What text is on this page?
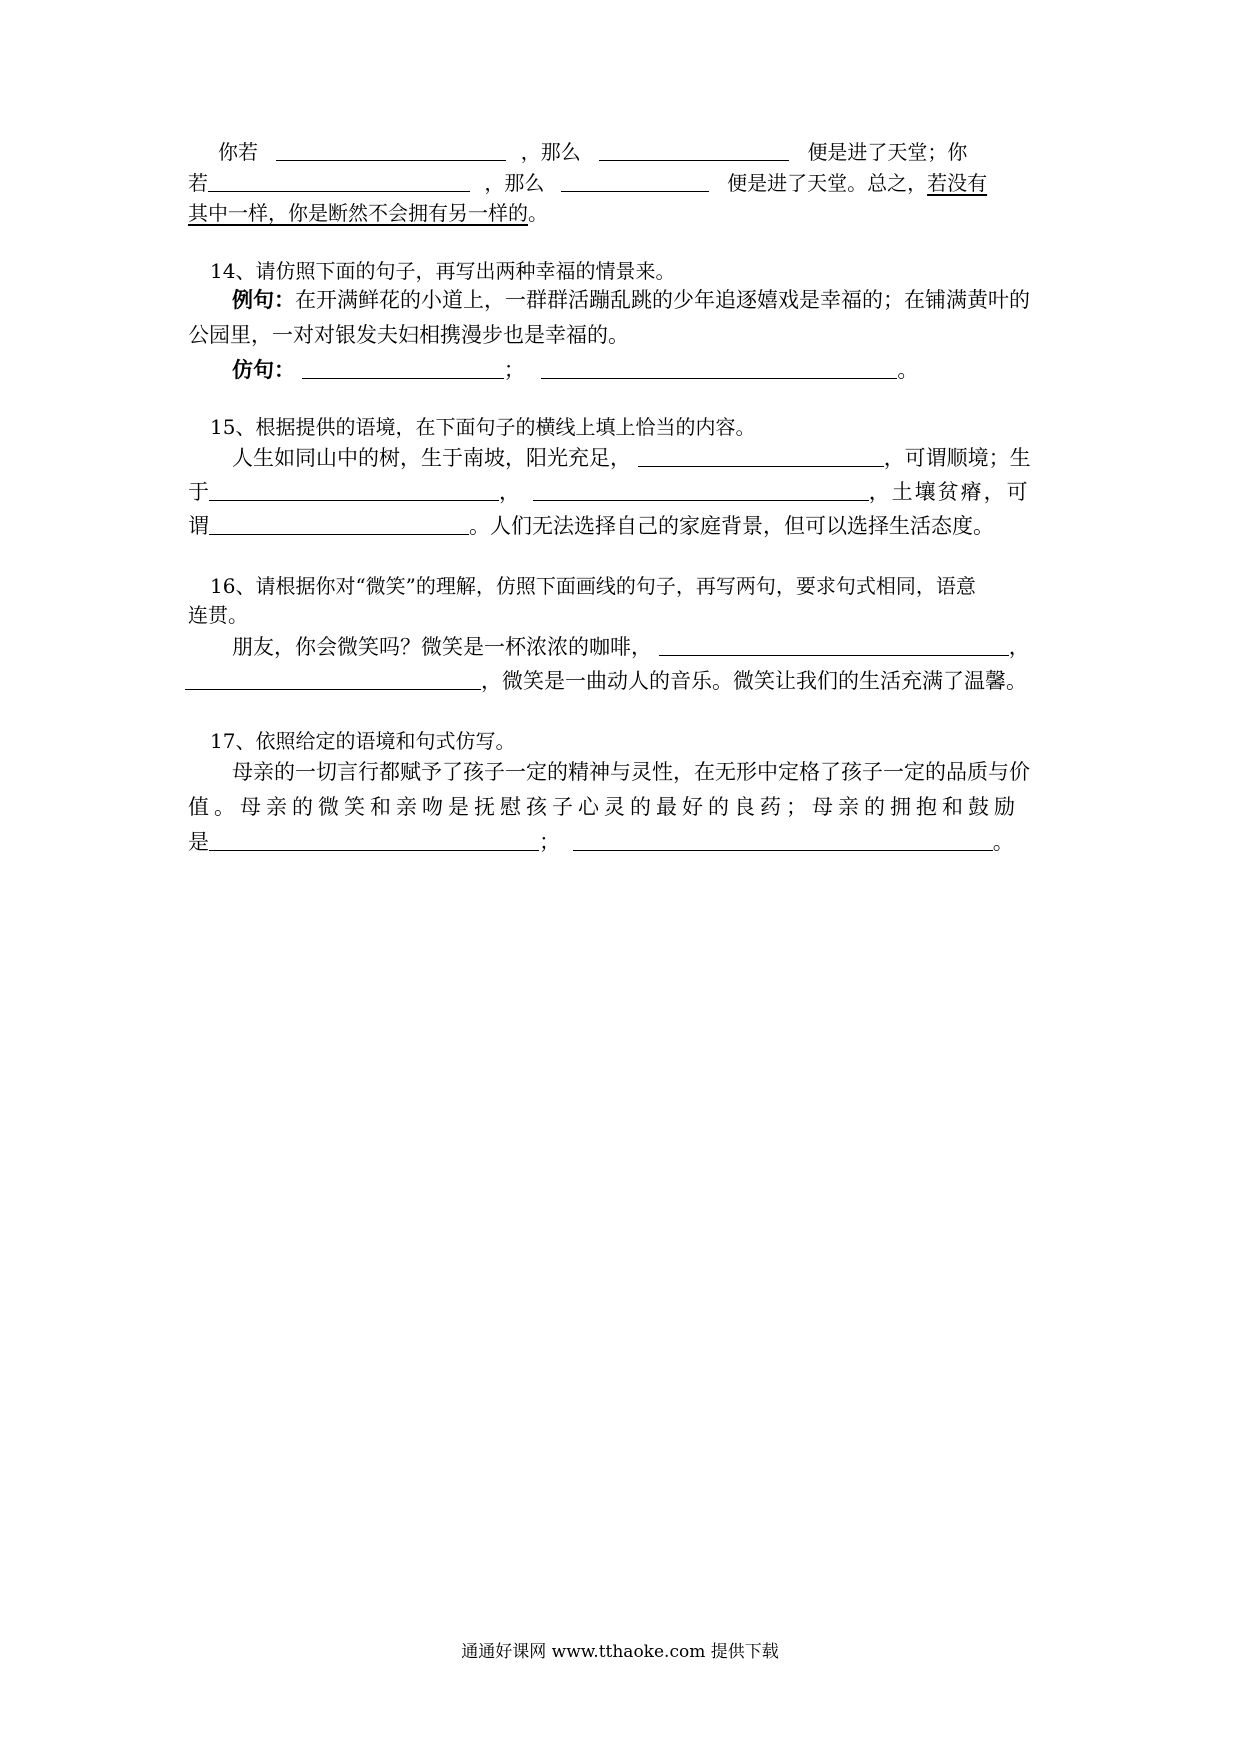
你若	，那么	便是进了天堂；你
若	，那么	便是进了天堂。总之，若没有
其中一样，你是断然不会拥有另一样的。
14、请仿照下面的句子，再写出两种幸福的情景来。
例句：在开满鲜花的小道上，一群群活蹦乱跳的少年追逐嬉戏是幸福的；在铺满黄叶的
公园里，一对对银发夫妇相携漫步也是幸福的。
仿句：	；	。
15、根据提供的语境，在下面句子的横线上填上恰当的内容。
人生如同山中的树，生于南坡，阳光充足，	，可谓顺境；生
于	，	，土壤贫瘠，可
谓	。人们无法选择自己的家庭背景，但可以选择生活态度。
16、请根据你对“微笑”的理解，仿照下面画线的句子，再写两句，要求句式相同，语意
连贯。
朋友，你会微笑吗？微笑是一杯浓浓的咖啡，	，
，微笑是一曲动人的音乐。微笑让我们的生活充满了温馨。
17、依照给定的语境和句式仿写。
母亲的一切言行都赋予了孩子一定的精神与灵性，在无形中定格了孩子一定的品质与价
值。母亲的微笑和亲吻是抚慰孩子心灵的最好的良药；母亲的拥抱和鼓励
是	；	。
通通好课网 www.tthaoke.com 提供下载
